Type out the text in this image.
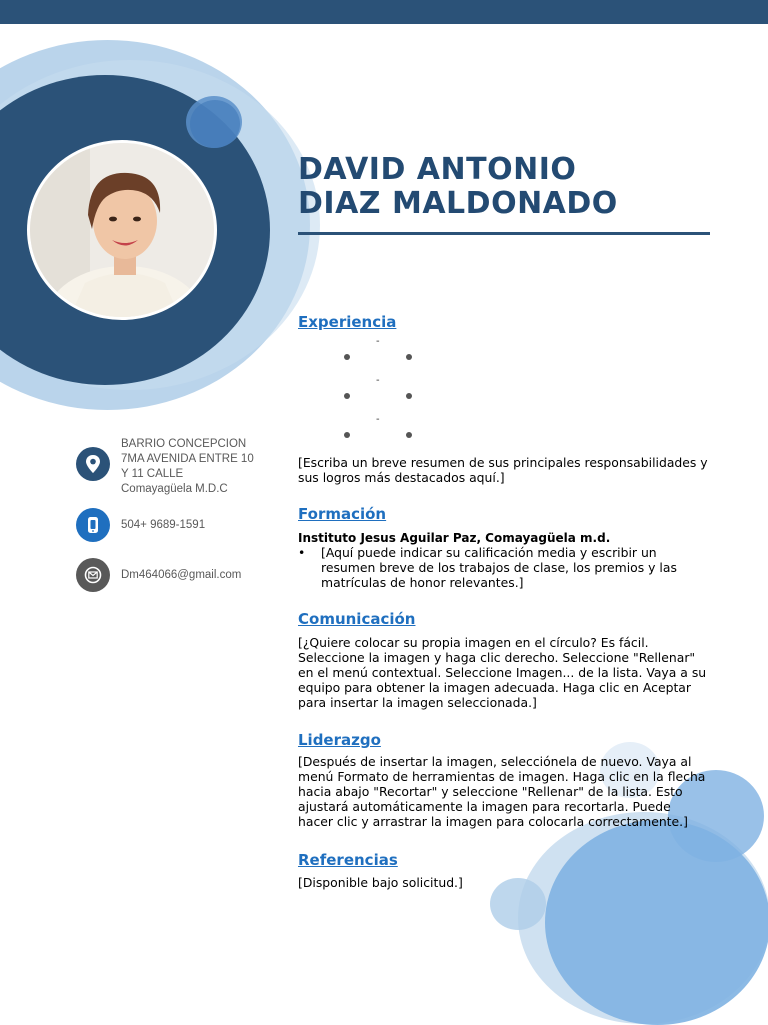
DAVID ANTONIO
DIAZ MALDONADO
BARRIO CONCEPCION
7MA AVENIDA ENTRE 10
Y 11 CALLE
Comayagüela M.D.C
504+ 9689-1591
Dm464066@gmail.com
Experiencia
-
-
-
[Escriba un breve resumen de sus principales responsabilidades y sus logros más destacados aquí.]
Formación
Instituto Jesus Aguilar Paz, Comayagüela m.d.
•	[Aquí puede indicar su calificación media y escribir un resumen breve de los trabajos de clase, los premios y las matrículas de honor relevantes.]
Comunicación
[¿Quiere colocar su propia imagen en el círculo? Es fácil. Seleccione la imagen y haga clic derecho. Seleccione "Rellenar" en el menú contextual. Seleccione Imagen... de la lista. Vaya a su equipo para obtener la imagen adecuada. Haga clic en Aceptar para insertar la imagen seleccionada.]
Liderazgo
[Después de insertar la imagen, selecciónela de nuevo. Vaya al menú Formato de herramientas de imagen. Haga clic en la flecha hacia abajo "Recortar" y seleccione "Rellenar" de la lista. Esto ajustará automáticamente la imagen para recortarla. Puede hacer clic y arrastrar la imagen para colocarla correctamente.]
Referencias
[Disponible bajo solicitud.]
